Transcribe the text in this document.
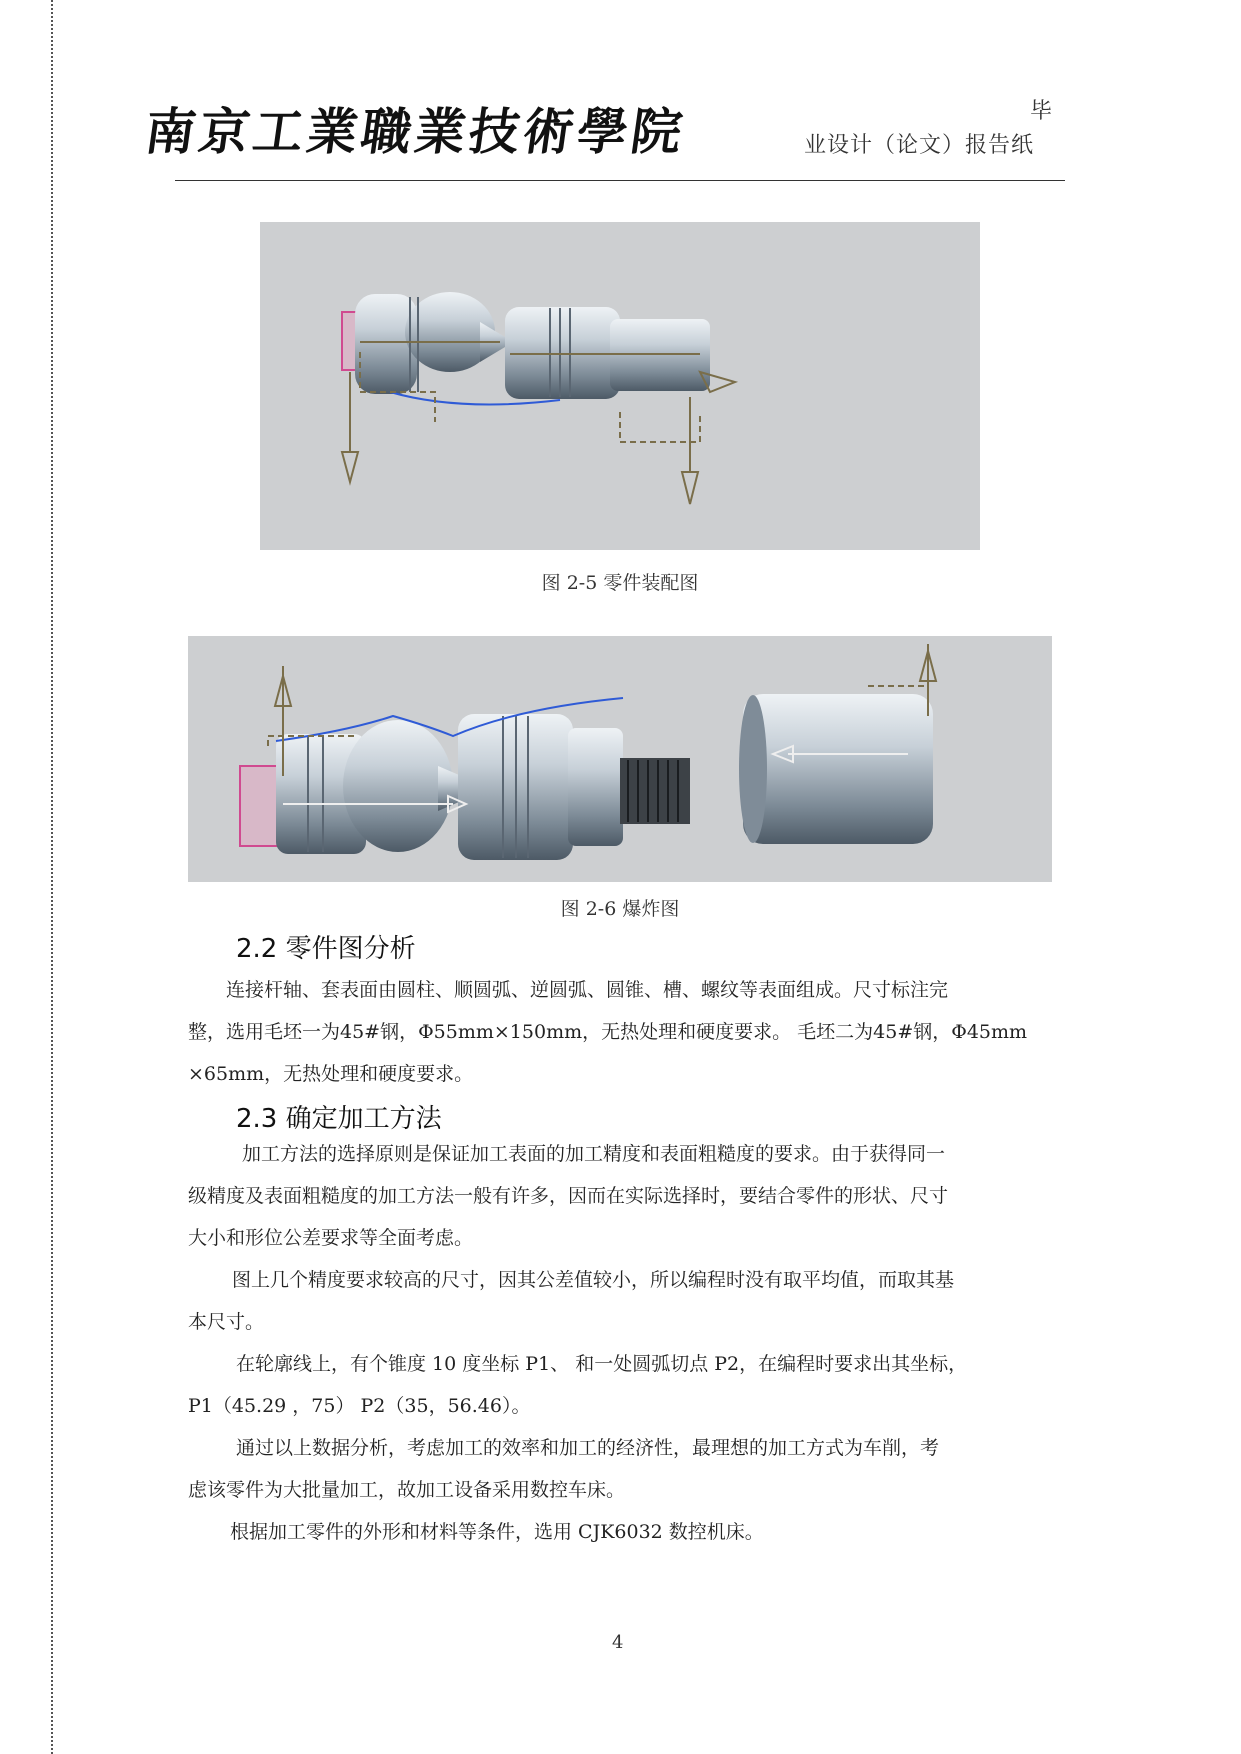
南京工業職業技術學院	毕
业设计（论文）报告纸
图 2-5 零件装配图
图 2-6 爆炸图
2.2 零件图分析
连接杆轴、套表面由圆柱、顺圆弧、逆圆弧、圆锥、槽、螺纹等表面组成。尺寸标注完
整，选用毛坯一为45#钢，Φ55mm×150mm，无热处理和硬度要求。 毛坯二为45#钢，Φ45mm
×65mm，无热处理和硬度要求。
2.3 确定加工方法
加工方法的选择原则是保证加工表面的加工精度和表面粗糙度的要求。由于获得同一
级精度及表面粗糙度的加工方法一般有许多，因而在实际选择时，要结合零件的形状、尺寸
大小和形位公差要求等全面考虑。
图上几个精度要求较高的尺寸，因其公差值较小，所以编程时没有取平均值，而取其基
本尺寸。
在轮廓线上，有个锥度 10 度坐标 P1、 和一处圆弧切点 P2，在编程时要求出其坐标，
P1（45.29 ，75） P2（35，56.46）。
通过以上数据分析，考虑加工的效率和加工的经济性，最理想的加工方式为车削，考
虑该零件为大批量加工，故加工设备采用数控车床。
根据加工零件的外形和材料等条件，选用 CJK6032 数控机床。
4
